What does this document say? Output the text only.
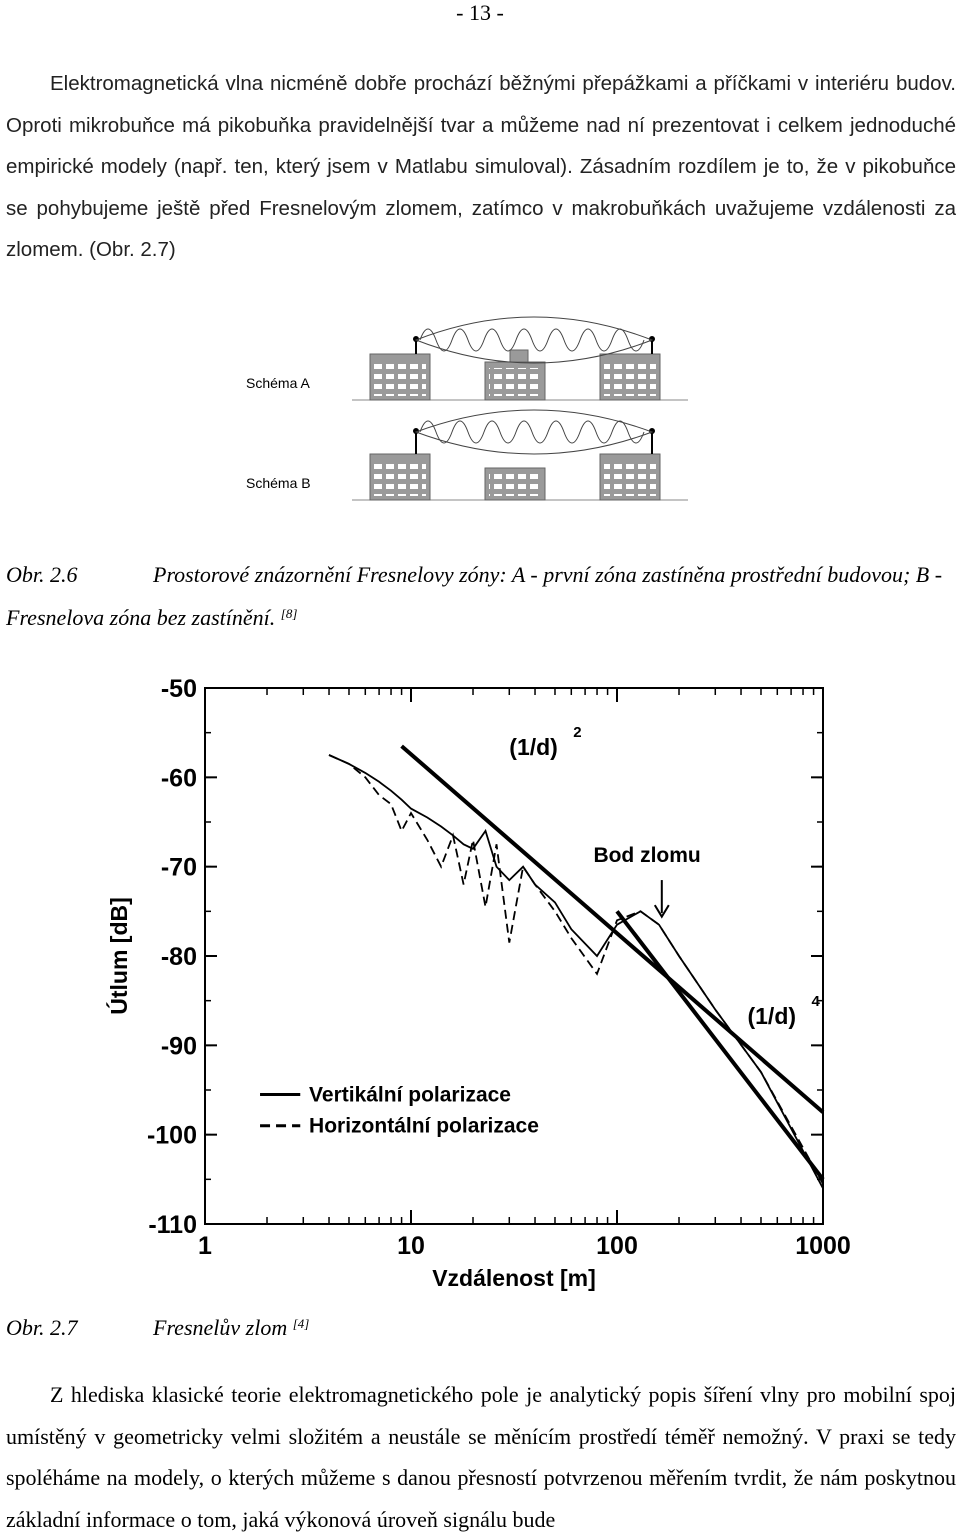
- 13 -

Elektromagnetická vlna nicméně dobře prochází běžnými přepážkami a příčkami v interiéru budov. Oproti mikrobuňce má pikobuňka pravidelnější tvar a můžeme nad ní prezentovat i celkem jednoduché empirické modely (např. ten, který jsem v Matlabu simuloval). Zásadním rozdílem je to, že v pikobuňce se pohybujeme ještě před Fresnelovým zlomem, zatímco v makrobuňkách uvažujeme vzdálenosti za zlomem. (Obr. 2.7)

Schéma A
Schéma B
Obr. 2.6	Prostorové znázornění Fresnelovy zóny: A - první zóna zastíněna prostřední budovou; B - Fresnelova zóna bez zastínění. [8]
-50
-60
-70
-80
-90
-100
-110
1	10	100	1000
Vzdálenost [m]
Útlum [dB]
(1/d)
2
Bod zlomu
(1/d)
4
Vertikální polarizace
Horizontální polarizace
Obr. 2.7	Fresnelův zlom [4]

Z hlediska klasické teorie elektromagnetického pole je analytický popis šíření vlny pro mobilní spoj umístěný v geometricky velmi složitém a neustále se měnícím prostředí téměř nemožný. V praxi se tedy spoléháme na modely, o kterých můžeme s danou přesností potvrzenou měřením tvrdit, že nám poskytnou základní informace o tom, jaká výkonová úroveň signálu bude
